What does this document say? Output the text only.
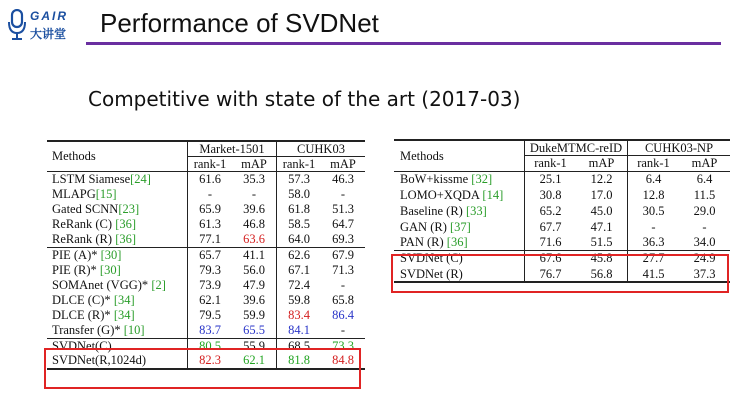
GAIR
大讲堂 Performance of SVDNet
Competitive with state of the art (2017-03)
Methods	Market-1501		CUHK03	
	rank-1	mAP	rank-1	mAP
LSTM Siamese[24]	61.6	35.3	57.3	46.3
MLAPG[15]	-	-	58.0	-
Gated SCNN[23]	65.9	39.6	61.8	51.3
ReRank (C) [36]	61.3	46.8	58.5	64.7
ReRank (R) [36]	77.1	63.6	64.0	69.3
PIE (A)* [30]	65.7	41.1	62.6	67.9
PIE (R)* [30]	79.3	56.0	67.1	71.3
SOMAnet (VGG)* [2]	73.9	47.9	72.4	-
DLCE (C)* [34]	62.1	39.6	59.8	65.8
DLCE (R)* [34]	79.5	59.9	83.4	86.4
Transfer (G)* [10]	83.7	65.5	84.1	-
SVDNet(C)	80.5	55.9	68.5	73.3
SVDNet(R,1024d)	82.3	62.1	81.8	84.8
Methods	DukeMTMC-reID		CUHK03-NP	
	rank-1	mAP	rank-1	mAP
BoW+kissme [32]	25.1	12.2	6.4	6.4
LOMO+XQDA [14]	30.8	17.0	12.8	11.5
Baseline (R) [33]	65.2	45.0	30.5	29.0
GAN (R) [37]	67.7	47.1	-	-
PAN (R) [36]	71.6	51.5	36.3	34.0
SVDNet (C)	67.6	45.8	27.7	24.9
SVDNet (R)	76.7	56.8	41.5	37.3
